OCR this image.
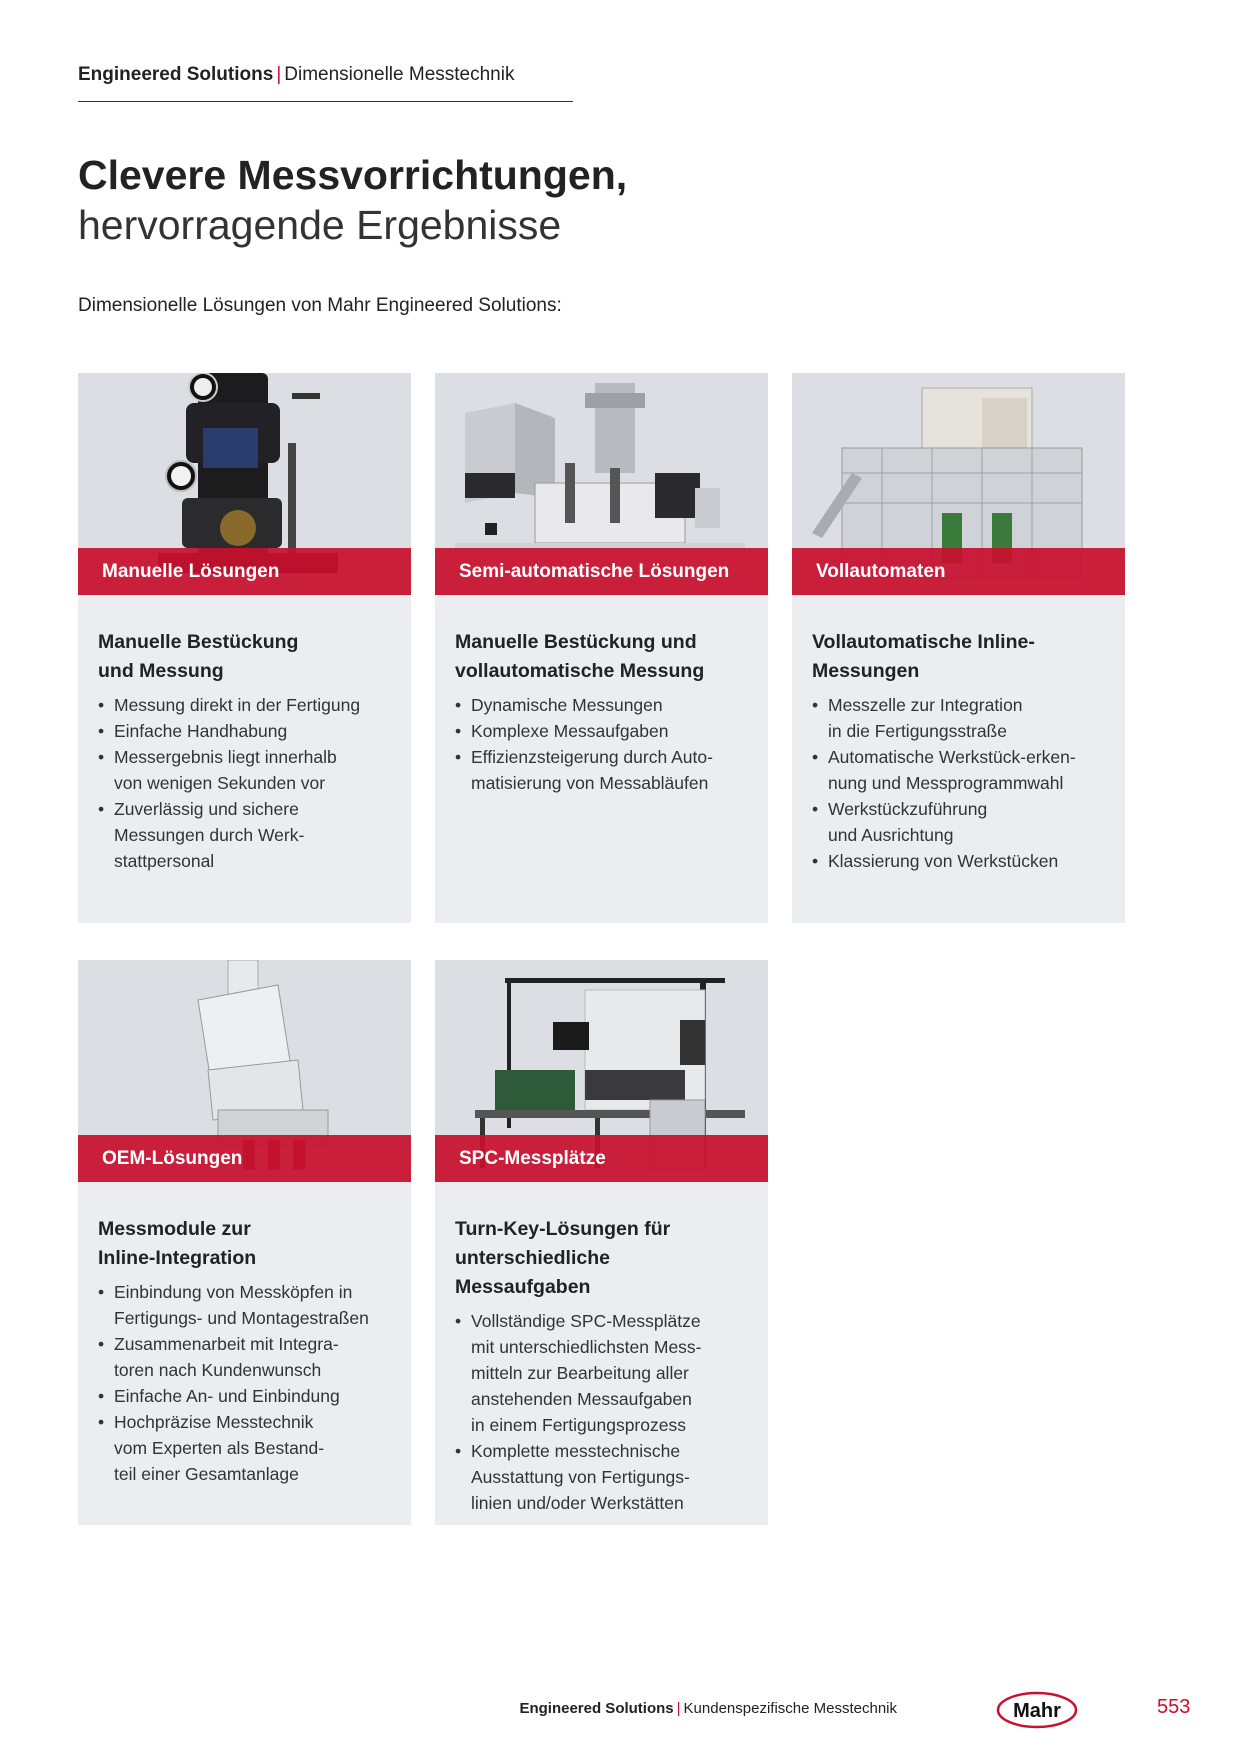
Engineered Solutions | Dimensionelle Messtechnik
Clevere Messvorrichtungen,
hervorragende Ergebnisse
Dimensionelle Lösungen von Mahr Engineered Solutions:
Manuelle Lösungen
Manuelle Bestückung
und Messung
• Messung direkt in der Fertigung
• Einfache Handhabung
• Messergebnis liegt innerhalb
von wenigen Sekunden vor
• Zuverlässig und sichere
Messungen durch Werk-
stattpersonal
Semi-automatische Lösungen
Manuelle Bestückung und
vollautomatische Messung
• Dynamische Messungen
• Komplexe Messaufgaben
• Effizienzsteigerung durch Auto-
matisierung von Messabläufen
Vollautomaten
Vollautomatische Inline-
Messungen
• Messzelle zur Integration
in die Fertigungsstraße
• Automatische Werkstück-erken-
nung und Messprogrammwahl
• Werkstückzuführung
und Ausrichtung
• Klassierung von Werkstücken
OEM-Lösungen
Messmodule zur
Inline-Integration
• Einbindung von Messköpfen in
Fertigungs- und Montagestraßen
• Zusammenarbeit mit Integra-
toren nach Kundenwunsch
• Einfache An- und Einbindung
• Hochpräzise Messtechnik
vom Experten als Bestand-
teil einer Gesamtanlage
SPC-Messplätze
Turn-Key-Lösungen für
unterschiedliche Messaufgaben
• Vollständige SPC-Messplätze
mit unterschiedlichsten Mess-
mitteln zur Bearbeitung aller
anstehenden Messaufgaben
in einem Fertigungsprozess
• Komplette messtechnische
Ausstattung von Fertigungs-
linien und/oder Werkstätten
Engineered Solutions | Kundenspezifische Messtechnik	Mahr	553
